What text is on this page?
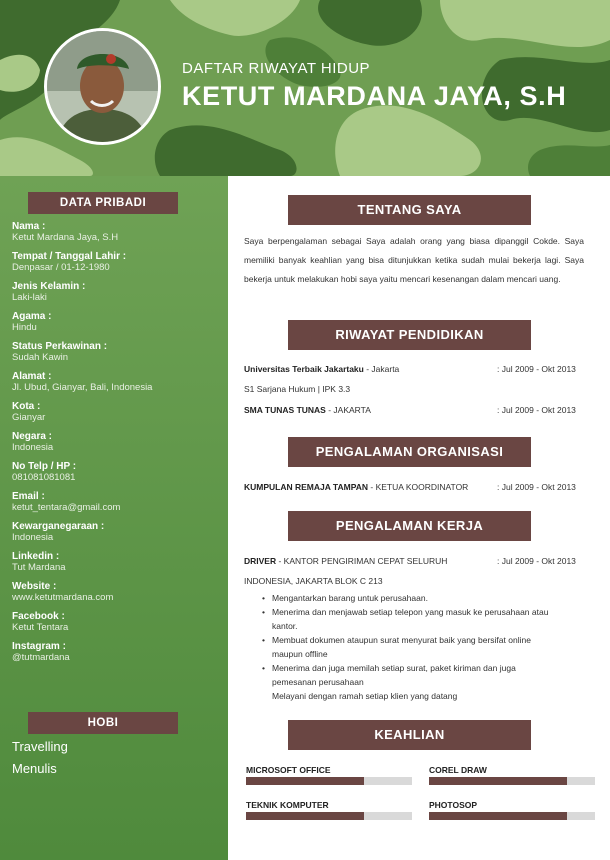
DAFTAR RIWAYAT HIDUP
KETUT MARDANA JAYA, S.H
DATA PRIBADI
Nama :
Ketut Mardana Jaya, S.H
Tempat / Tanggal Lahir :
Denpasar / 01-12-1980
Jenis Kelamin :
Laki-laki
Agama :
Hindu
Status Perkawinan :
Sudah Kawin
Alamat :
Jl. Ubud, Gianyar, Bali, Indonesia
Kota :
Gianyar
Negara :
Indonesia
No Telp / HP :
081081081081
Email :
ketut_tentara@gmail.com
Kewarganegaraan :
Indonesia
Linkedin :
Tut Mardana
Website :
www.ketutmardana.com
Facebook :
Ketut Tentara
Instagram :
@tutmardana
HOBI
Travelling
Menulis
TENTANG SAYA
Saya berpengalaman sebagai Saya adalah orang yang biasa dipanggil Cokde. Saya memiliki banyak keahlian yang bisa ditunjukkan ketika sudah mulai bekerja lagi. Saya bekerja untuk melakukan hobi saya yaitu mencari kesenangan dalam mencari uang.
RIWAYAT PENDIDIKAN
Universitas Terbaik Jakartaku - Jakarta	: Jul 2009 - Okt 2013
S1 Sarjana Hukum | IPK 3.3
SMA TUNAS TUNAS - JAKARTA	: Jul 2009 - Okt 2013
PENGALAMAN ORGANISASI
KUMPULAN REMAJA TAMPAN - KETUA KOORDINATOR	: Jul 2009 - Okt 2013
PENGALAMAN KERJA
DRIVER - KANTOR PENGIRIMAN CEPAT SELURUH	: Jul 2009 - Okt 2013
INDONESIA, JAKARTA BLOK C 213
• Mengantarkan barang untuk perusahaan.
• Menerima dan menjawab setiap telepon yang masuk ke perusahaan atau kantor.
• Membuat dokumen ataupun surat menyurat baik yang bersifat online maupun offline
• Menerima dan juga memilah setiap surat, paket kiriman dan juga pemesanan perusahaan
Melayani dengan ramah setiap klien yang datang
KEAHLIAN
MICROSOFT OFFICE	COREL DRAW
TEKNIK KOMPUTER	PHOTOSOP
